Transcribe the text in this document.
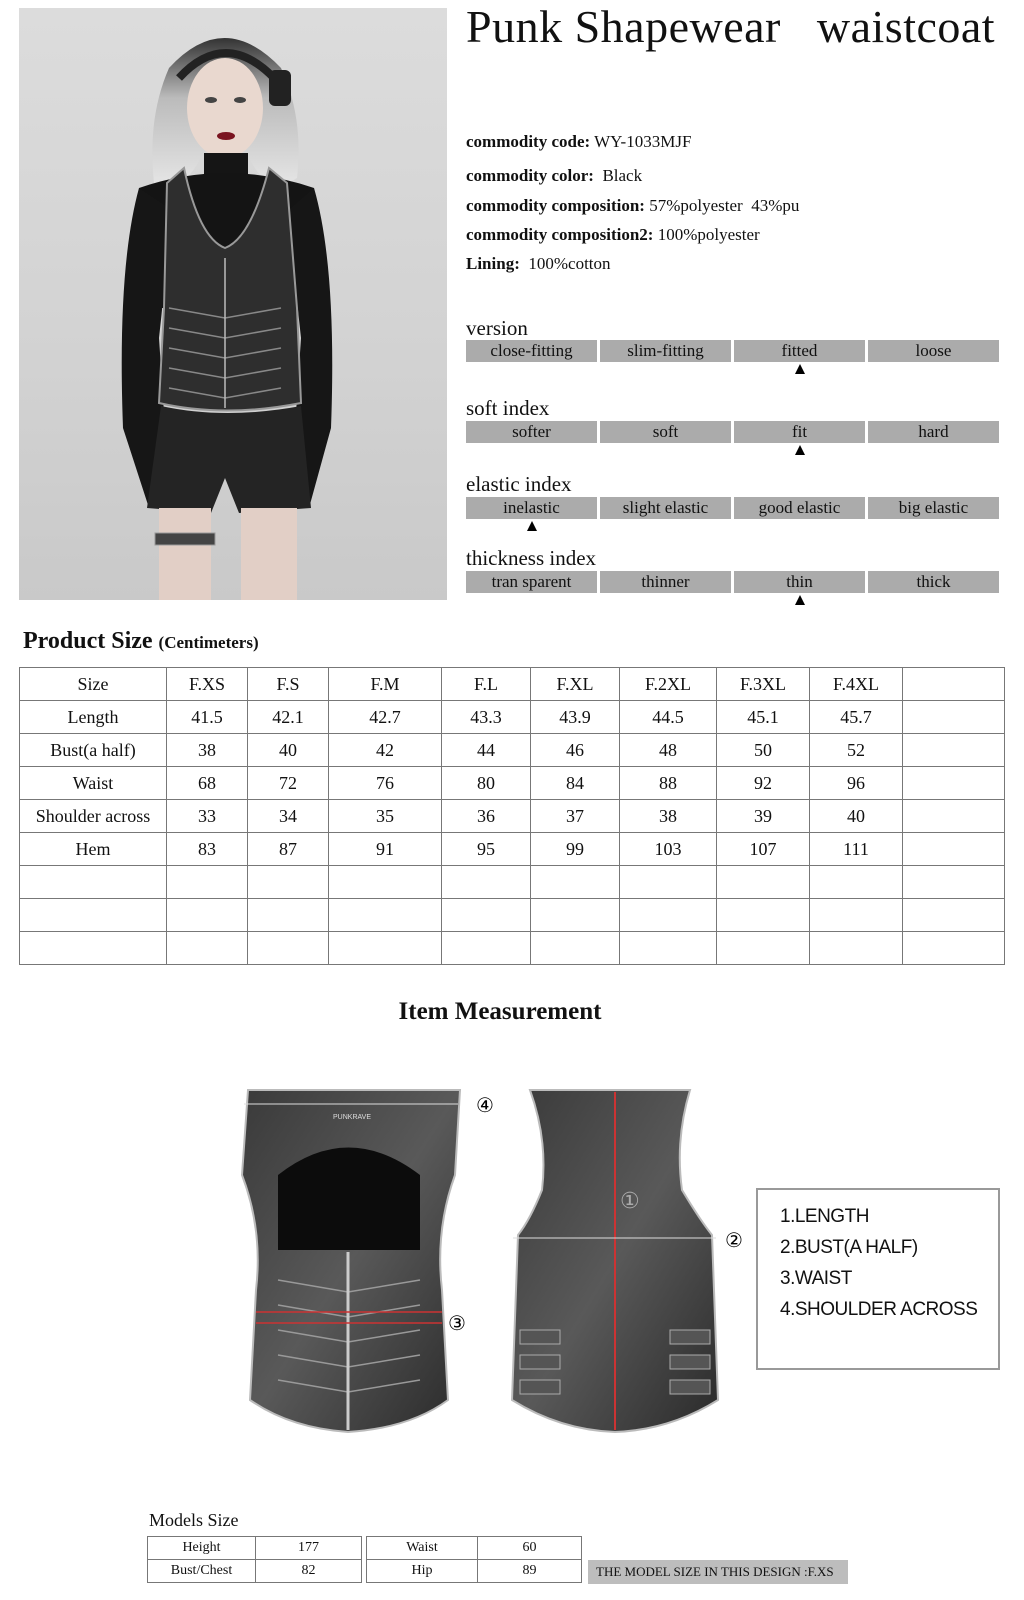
Punk Shapewear   waistcoat
commodity code: WY-1033MJF
commodity color:  Black
commodity composition: 57%polyester  43%pu
commodity composition2: 100%polyester
Lining:  100%cotton
version
close-fitting	slim-fitting	fitted	loose
soft index
softer	soft	fit	hard
elastic index
inelastic	slight elastic	good elastic	big elastic
thickness index
tran sparent	thinner	thin	thick
Product Size (Centimeters)
Size	F.XS	F.S	F.M	F.L	F.XL	F.2XL	F.3XL	F.4XL	
Length	41.5	42.1	42.7	43.3	43.9	44.5	45.1	45.7	
Bust(a half)	38	40	42	44	46	48	50	52	
Waist	68	72	76	80	84	88	92	96	
Shoulder across	33	34	35	36	37	38	39	40	
Hem	83	87	91	95	99	103	107	111	

Item Measurement
PUNKRAVE
④
③
①
②
1.LENGTH
2.BUST(A HALF)
3.WAIST
4.SHOULDER ACROSS
Models Size
Height	177
Bust/Chest	82
Waist	60
Hip	89	THE MODEL SIZE IN THIS DESIGN :F.XS
